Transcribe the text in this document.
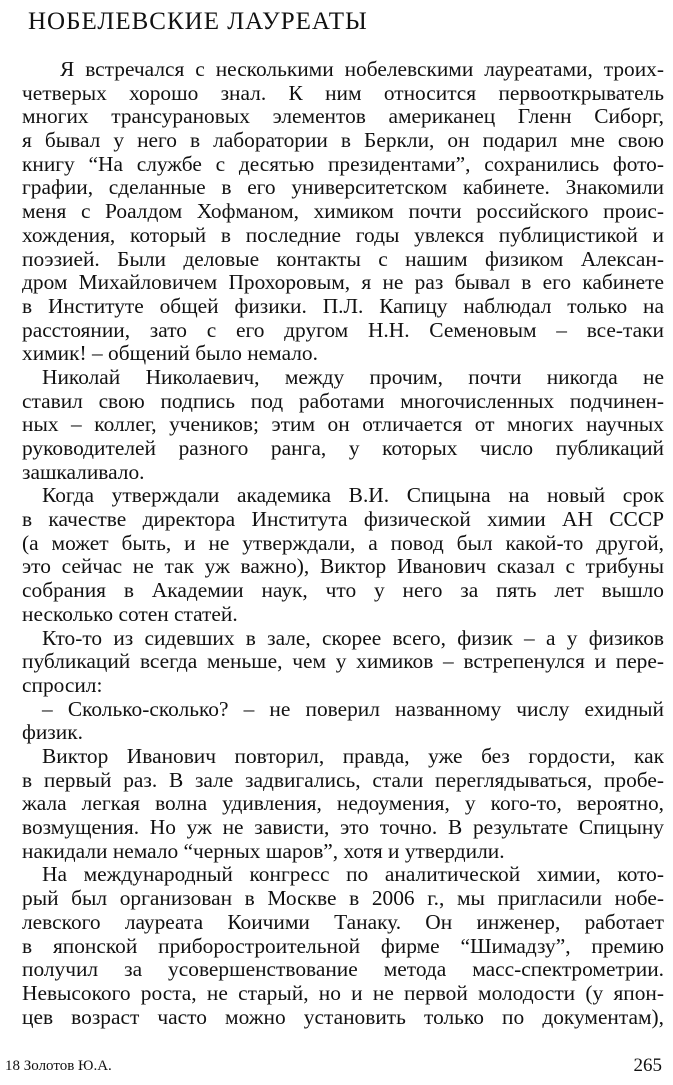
НОБЕЛЕВСКИЕ ЛАУРЕАТЫ

Я встречался с несколькими нобелевскими лауреатами, троих-

четверых хорошо знал. К ним относится первооткрыватель

многих трансурановых элементов американец Гленн Сиборг,

я бывал у него в лаборатории в Беркли, он подарил мне свою

книгу “На службе с десятью президентами”, сохранились фото-

графии, сделанные в его университетском кабинете. Знакомили

меня с Роалдом Хофманом, химиком почти российского проис-

хождения, который в последние годы увлекся публицистикой и

поэзией. Были деловые контакты с нашим физиком Алексан-

дром Михайловичем Прохоровым, я не раз бывал в его кабинете

в Институте общей физики. П.Л. Капицу наблюдал только на

расстоянии, зато с его другом Н.Н. Семеновым – все-таки

химик! – общений было немало.

Николай Николаевич, между прочим, почти никогда не

ставил свою подпись под работами многочисленных подчинен-

ных – коллег, учеников; этим он отличается от многих научных

руководителей разного ранга, у которых число публикаций

зашкаливало.

Когда утверждали академика В.И. Спицына на новый срок

в качестве директора Института физической химии АН СССР

(а может быть, и не утверждали, а повод был какой-то другой,

это сейчас не так уж важно), Виктор Иванович сказал с трибуны

собрания в Академии наук, что у него за пять лет вышло

несколько сотен статей.

Кто-то из сидевших в зале, скорее всего, физик – а у физиков

публикаций всегда меньше, чем у химиков – встрепенулся и пере-

спросил:

– Сколько-сколько? – не поверил названному числу ехидный

физик.

Виктор Иванович повторил, правда, уже без гордости, как

в первый раз. В зале задвигались, стали переглядываться, пробе-

жала легкая волна удивления, недоумения, у кого-то, вероятно,

возмущения. Но уж не зависти, это точно. В результате Спицыну

накидали немало “черных шаров”, хотя и утвердили.

На международный конгресс по аналитической химии, кото-

рый был организован в Москве в 2006 г., мы пригласили нобе-

левского лауреата Коичими Танаку. Он инженер, работает

в японской приборостроительной фирме “Шимадзу”, премию

получил за усовершенствование метода масс-спектрометрии.

Невысокого роста, не старый, но и не первой молодости (у япон-

цев возраст часто можно установить только по документам),

18 Золотов Ю.А.	265
